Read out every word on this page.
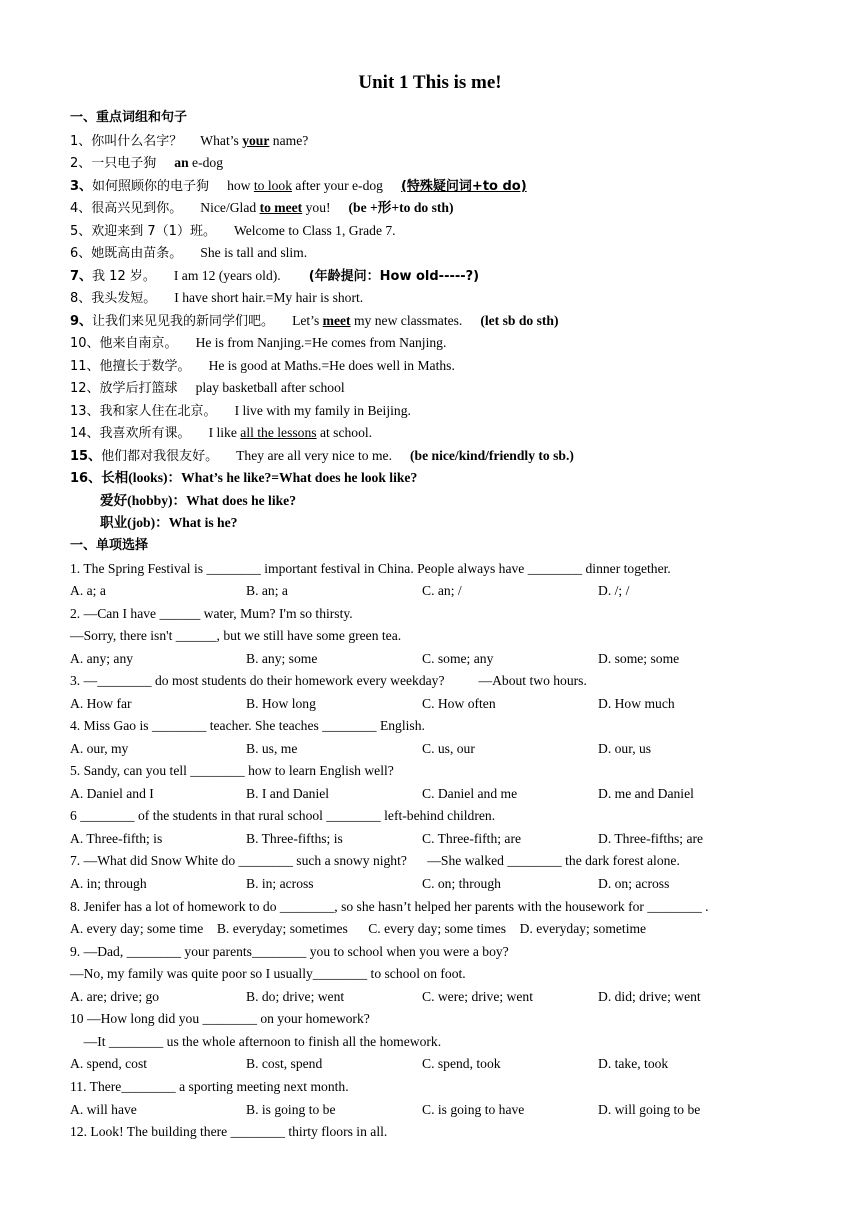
Unit 1 This is me!
一、重点词组和句子
1、你叫什么名字？ What’s your name?
2、一只电子狗 an e-dog
3、如何照顾你的电子狗 how to look after your e-dog (特殊疑问词+to do)
4、很高兴见到你。 Nice/Glad to meet you! (be +形+to do sth)
5、欢迎来到 7（1）班。 Welcome to Class 1, Grade 7.
6、她既高由苗条。 She is tall and slim.
7、我 12 岁。 I am 12 (years old). (年龄提问：How old-----?)
8、我头发短。 I have short hair.=My hair is short.
9、让我们来见见我的新同学们吧。 Let’s meet my new classmates. (let sb do sth)
10、他来自南京。 He is from Nanjing.=He comes from Nanjing.
11、他擅长于数学。 He is good at Maths.=He does well in Maths.
12、放学后打篮球 play basketball after school
13、我和家人住在北京。 I live with my family in Beijing.
14、我喜欢所有课。 I like all the lessons at school.
15、他们都对我很友好。 They are all very nice to me. (be nice/kind/friendly to sb.)
16、长相(looks)：What’s he like?=What does he look like?
爱好(hobby)：What does he like?
职业(job)：What is he?
一、单项选择
1. The Spring Festival is ________ important festival in China. People always have ________ dinner together.
A. a; a	B. an; a	C. an; /	D. /; /
2. —Can I have ______ water, Mum? I'm so thirsty.
—Sorry, there isn't ______, but we still have some green tea.
A. any; any	B. any; some	C. some; any	D. some; some
3. —________ do most students do their homework every weekday?          —About two hours.
A. How far	B. How long	C. How often	D. How much
4. Miss Gao is ________ teacher. She teaches ________ English.
A. our, my	B. us, me	C. us, our	D. our, us
5. Sandy, can you tell ________ how to learn English well?
A. Daniel and I	B. I and Daniel	C. Daniel and me	D. me and Daniel
6 ________ of the students in that rural school ________ left-behind children.
A. Three-fifth; is	B. Three-fifths; is	C. Three-fifth; are	D. Three-fifths; are
7. —What did Snow White do ________ such a snowy night?      —She walked ________ the dark forest alone.
A. in; through	B. in; across	C. on; through	D. on; across
8. Jenifer has a lot of homework to do ________, so she hasn’t helped her parents with the housework for ________ .
A. every day; some time    B. everyday; sometimes      C. every day; some times    D. everyday; sometime
9. —Dad, ________ your parents________ you to school when you were a boy?
—No, my family was quite poor so I usually________ to school on foot.
A. are; drive; go	B. do; drive; went	C. were; drive; went	D. did; drive; went
10 —How long did you ________ on your homework?
—It ________ us the whole afternoon to finish all the homework.
A. spend, cost	B. cost, spend	C. spend, took	D. take, took
11. There________ a sporting meeting next month.
A. will have	B. is going to be	C. is going to have	D. will going to be
12. Look! The building there ________ thirty floors in all.
